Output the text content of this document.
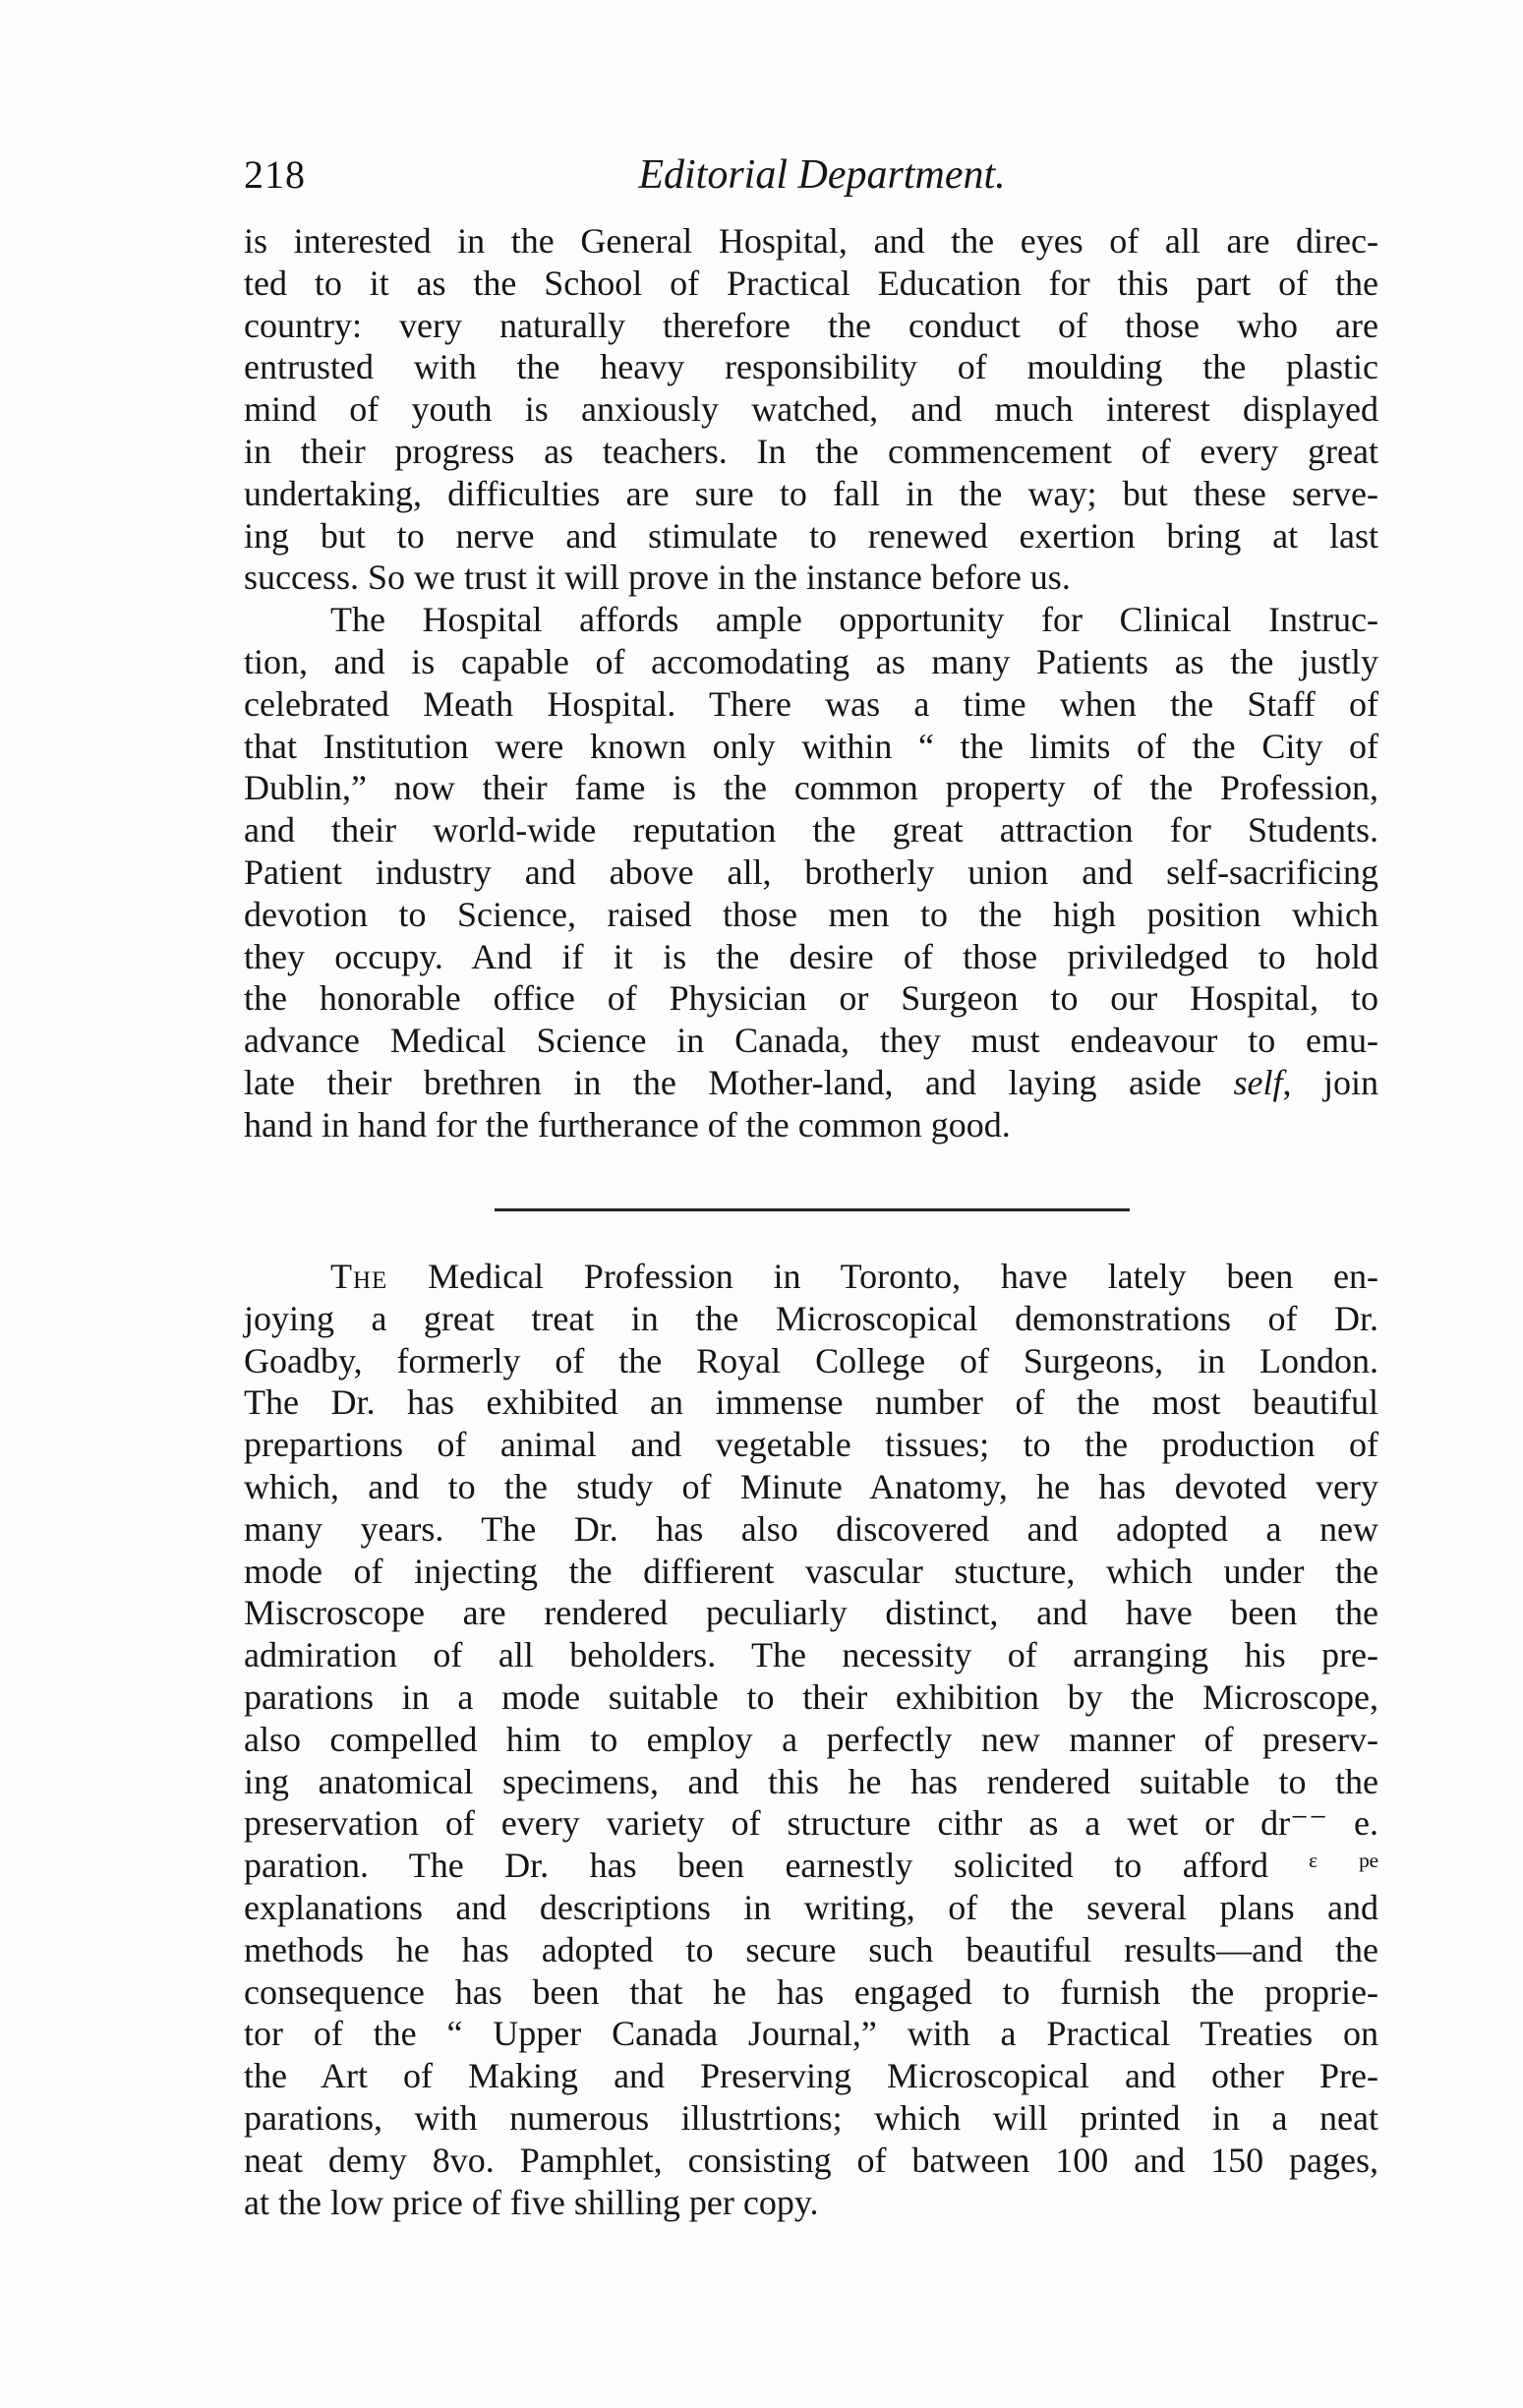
218	Editorial Department.
is interested in the General Hospital, and the eyes of all are direc-
ted to it as the School of Practical Education for this part of the
country: very naturally therefore the conduct of those who are
entrusted with the heavy responsibility of moulding the plastic
mind of youth is anxiously watched, and much interest displayed
in their progress as teachers. In the commencement of every great
undertaking, difficulties are sure to fall in the way; but these serve-
ing but to nerve and stimulate to renewed exertion bring at last
success. So we trust it will prove in the instance before us.
The Hospital affords ample opportunity for Clinical Instruc-
tion, and is capable of accomodating as many Patients as the justly
celebrated Meath Hospital. There was a time when the Staff of
that Institution were known only within “ the limits of the City of
Dublin,” now their fame is the common property of the Profession,
and their world-wide reputation the great attraction for Students.
Patient industry and above all, brotherly union and self-sacrificing
devotion to Science, raised those men to the high position which
they occupy. And if it is the desire of those priviledged to hold
the honorable office of Physician or Surgeon to our Hospital, to
advance Medical Science in Canada, they must endeavour to emu-
late their brethren in the Mother-land, and laying aside self, join
hand in hand for the furtherance of the common good.
The Medical Profession in Toronto, have lately been en-
joying a great treat in the Microscopical demonstrations of Dr.
Goadby, formerly of the Royal College of Surgeons, in London.
The Dr. has exhibited an immense number of the most beautiful
prepartions of animal and vegetable tissues; to the production of
which, and to the study of Minute Anatomy, he has devoted very
many years. The Dr. has also discovered and adopted a new
mode of injecting the diffierent vascular stucture, which under the
Miscroscope are rendered peculiarly distinct, and have been the
admiration of all beholders. The necessity of arranging his pre-
parations in a mode suitable to their exhibition by the Microscope,
also compelled him to employ a perfectly new manner of preserv-
ing anatomical specimens, and this he has rendered suitable to the
preservation of every variety of structure cithr as a wet or dr⁻⁻ e.
paration. The Dr. has been earnestly solicited to afford ᵋ ᵖᵉ
explanations and descriptions in writing, of the several plans and
methods he has adopted to secure such beautiful results—and the
consequence has been that he has engaged to furnish the proprie-
tor of the “ Upper Canada Journal,” with a Practical Treaties on
the Art of Making and Preserving Microscopical and other Pre-
parations, with numerous illustrtions; which will printed in a neat
neat demy 8vo. Pamphlet, consisting of batween 100 and 150 pages,
at the low price of five shilling per copy.
